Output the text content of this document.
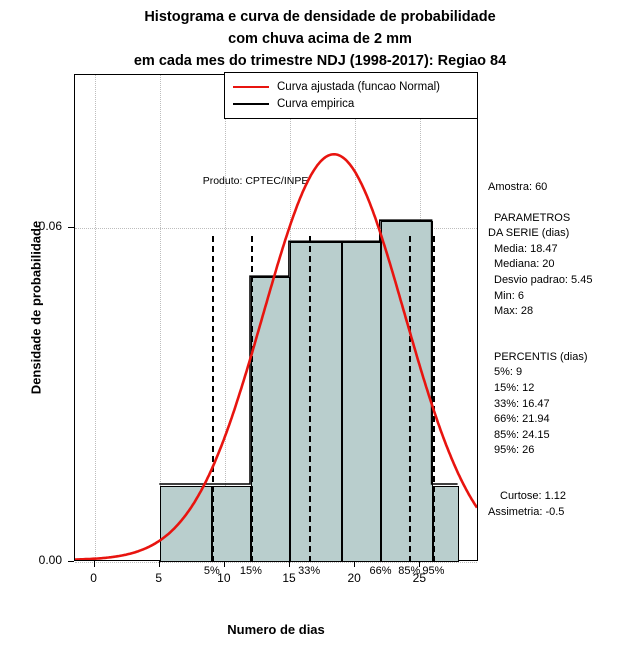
Histograma e curva de densidade de probabilidade
com chuva acima de 2 mm
em cada mes do trimestre NDJ (1998-2017): Regiao 84
5%	15%	33%	66% 85% 95%
Produto: CPTEC/INPE
0.00
0.06
0	5	10	15	20	25
Densidade de probabilidade
Numero de dias
Curva ajustada (funcao Normal)
Curva empirica
Amostra: 60
PARAMETROS
DA SERIE (dias)
Media: 18.47
Mediana: 20
Desvio padrao: 5.45
Min: 6
Max: 28
PERCENTIS (dias)
5%: 9
15%: 12
33%: 16.47
66%: 21.94
85%: 24.15
95%: 26
Curtose: 1.12
Assimetria: -0.5
